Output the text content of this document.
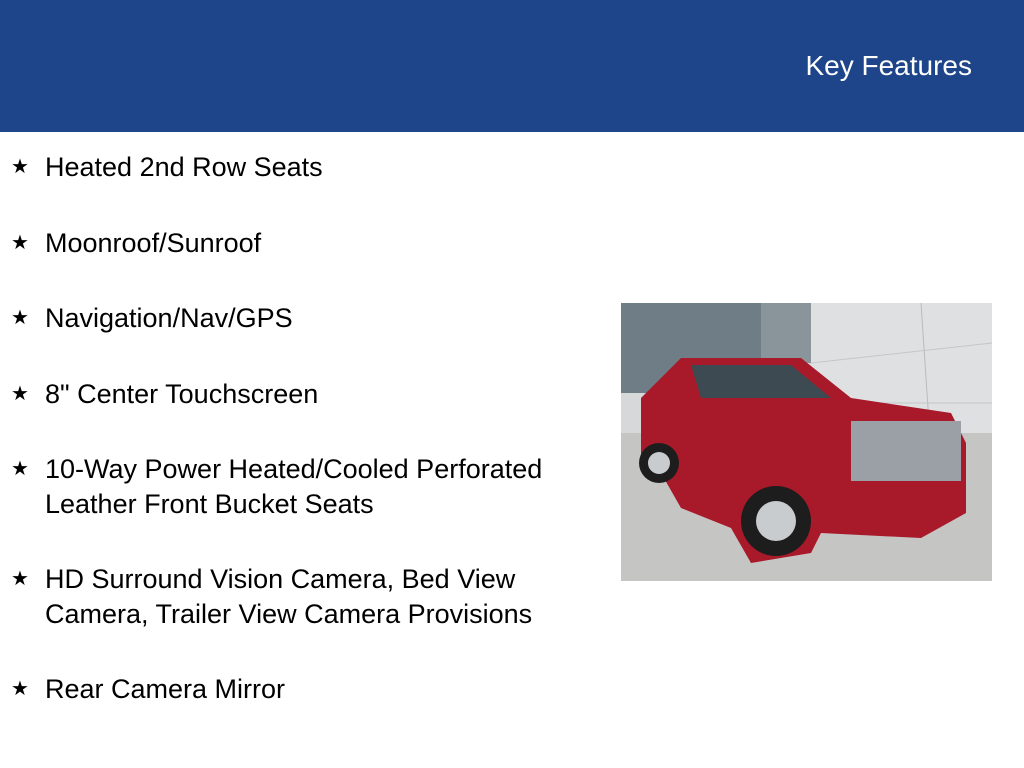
Key Features
★ Heated 2nd Row Seats
★ Moonroof/Sunroof
★ Navigation/Nav/GPS
★ 8" Center Touchscreen
★ 10-Way Power Heated/Cooled Perforated Leather Front Bucket Seats
★ HD Surround Vision Camera, Bed View Camera, Trailer View Camera Provisions
★ Rear Camera Mirror
